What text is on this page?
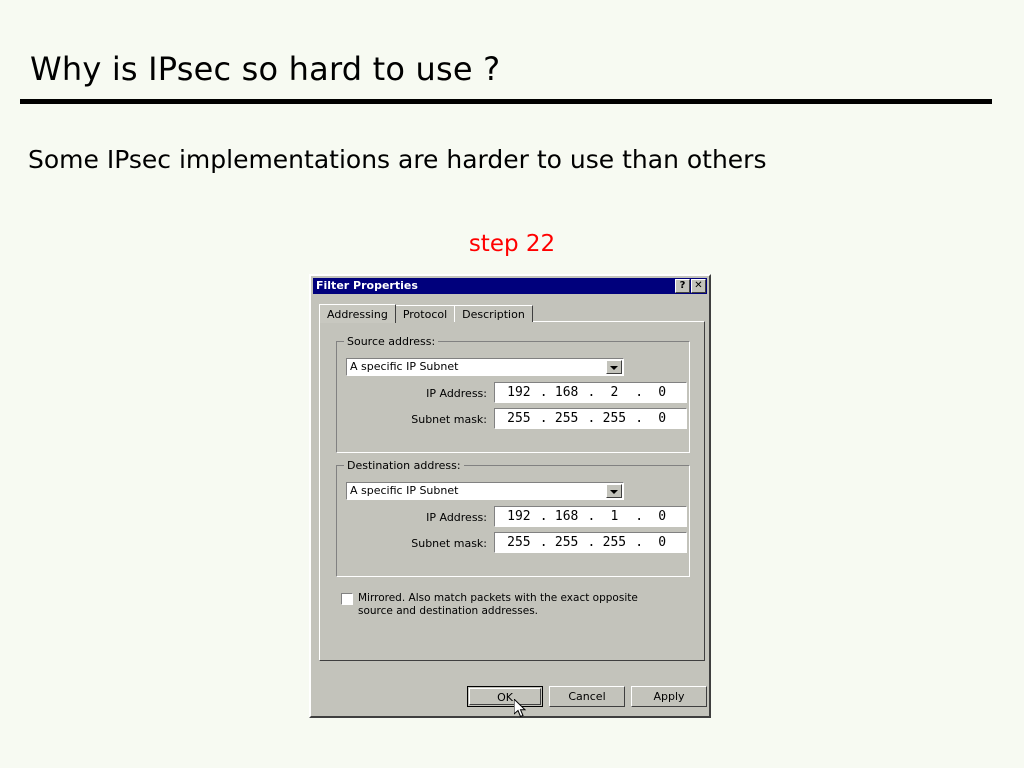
Why is IPsec so hard to use ?
Some IPsec implementations are harder to use than others
step 22
Filter Properties	? ✕
Addressing	Protocol	Description
Source address:
A specific IP Subnet
IP Address:	192	. 168	. 2	. 0
Subnet mask:	255	. 255	. 255	. 0
Destination address:
A specific IP Subnet
IP Address:	192	. 168	. 1	. 0
Subnet mask:	255	. 255	. 255	. 0
Mirrored. Also match packets with the exact opposite source and destination addresses.
OK	Cancel	Apply
